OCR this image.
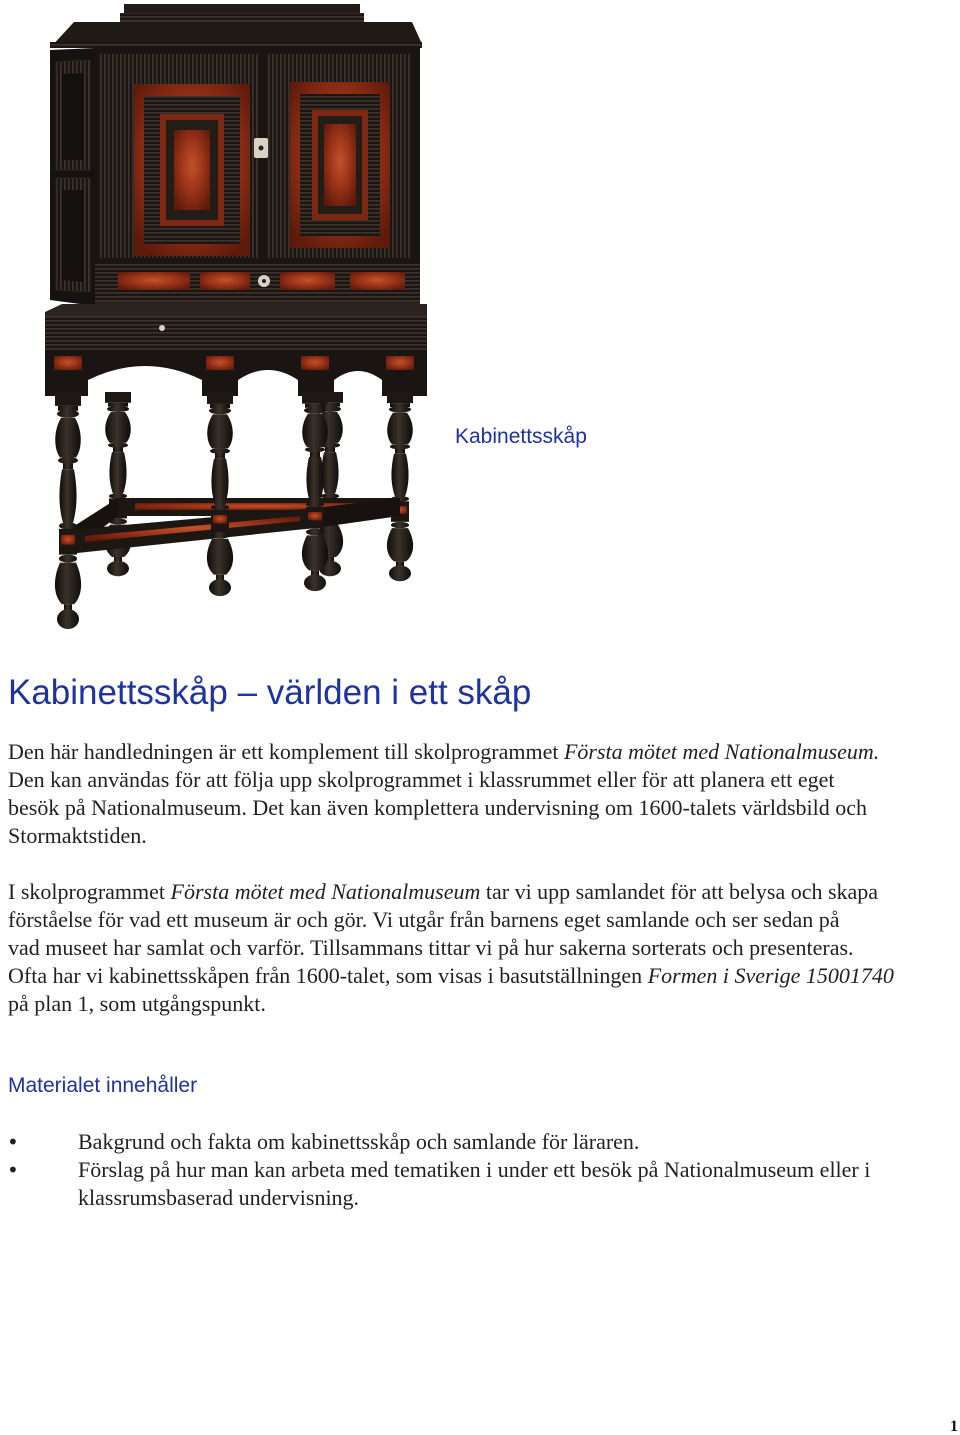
Kabinettsskåp
Kabinettsskåp – världen i ett skåp
Den här handledningen är ett komplement till skolprogrammet Första mötet med Nationalmuseum.
Den kan användas för att följa upp skolprogrammet i klassrummet eller för att planera ett eget
besök på Nationalmuseum. Det kan även komplettera undervisning om 1600-talets världsbild och
Stormaktstiden.
I skolprogrammet Första mötet med Nationalmuseum tar vi upp samlandet för att belysa och skapa
förståelse för vad ett museum är och gör. Vi utgår från barnens eget samlande och ser sedan på
vad museet har samlat och varför. Tillsammans tittar vi på hur sakerna sorterats och presenteras.
Ofta har vi kabinettsskåpen från 1600-talet, som visas i basutställningen Formen i Sverige 15001740
på plan 1, som utgångspunkt.
Materialet innehåller
•	Bakgrund och fakta om kabinettsskåp och samlande för läraren.
•	Förslag på hur man kan arbeta med tematiken i under ett besök på Nationalmuseum eller i
klassrumsbaserad undervisning.
1
